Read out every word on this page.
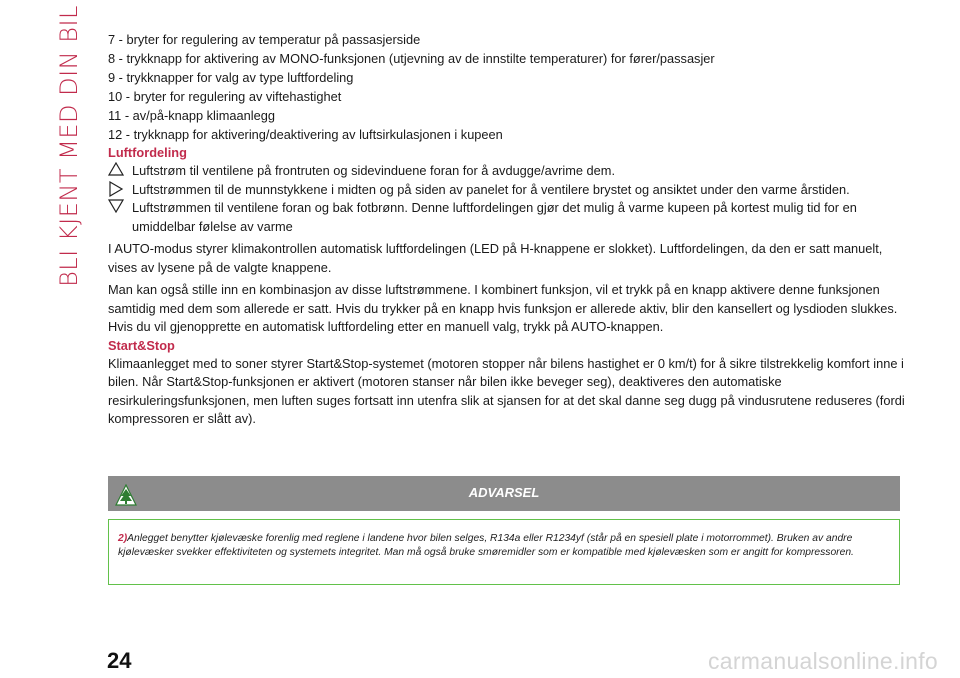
BLI KJENT MED DIN BIL 7 - bryter for regulering av temperatur på passasjerside

8 - trykknapp for aktivering av MONO-funksjonen (utjevning av de innstilte temperaturer) for fører/passasjer

9 - trykknapper for valg av type luftfordeling

10 - bryter for regulering av viftehastighet

11 - av/på-knapp klimaanlegg

12 - trykknapp for aktivering/deaktivering av luftsirkulasjonen i kupeen

Luftfordeling

Luftstrøm til ventilene på frontruten og sidevinduene foran for å avdugge/avrime dem.
Luftstrømmen til de munnstykkene i midten og på siden av panelet for å ventilere brystet og ansiktet under den varme årstiden.
Luftstrømmen til ventilene foran og bak fotbrønn. Denne luftfordelingen gjør det mulig å varme kupeen på kortest mulig tid for en umiddelbar følelse av varme

I AUTO-modus styrer klimakontrollen automatisk luftfordelingen (LED på H-knappene er slokket). Luftfordelingen, da den er satt manuelt, vises av lysene på de valgte knappene.

Man kan også stille inn en kombinasjon av disse luftstrømmene. I kombinert funksjon, vil et trykk på en knapp aktivere denne funksjonen samtidig med dem som allerede er satt. Hvis du trykker på en knapp hvis funksjon er allerede aktiv, blir den kansellert og lysdioden slukkes. Hvis du vil gjenopprette en automatisk luftfordeling etter en manuell valg, trykk på AUTO-knappen.

Start&Stop

Klimaanlegget med to soner styrer Start&Stop-systemet (motoren stopper når bilens hastighet er 0 km/t) for å sikre tilstrekkelig komfort inne i bilen. Når Start&Stop-funksjonen er aktivert (motoren stanser når bilen ikke beveger seg), deaktiveres den automatiske resirkuleringsfunksjonen, men luften suges fortsatt inn utenfra slik at sjansen for at det skal danne seg dugg på vindusrutene reduseres (fordi kompressoren er slått av).

ADVARSEL

2)Anlegget benytter kjølevæske forenlig med reglene i landene hvor bilen selges, R134a eller R1234yf (står på en spesiell plate i motorrommet). Bruken av andre kjølevæsker svekker effektiviteten og systemets integritet. Man må også bruke smøremidler som er kompatible med kjølevæsken som er angitt for kompressoren.

24	carmanualsonline.info
